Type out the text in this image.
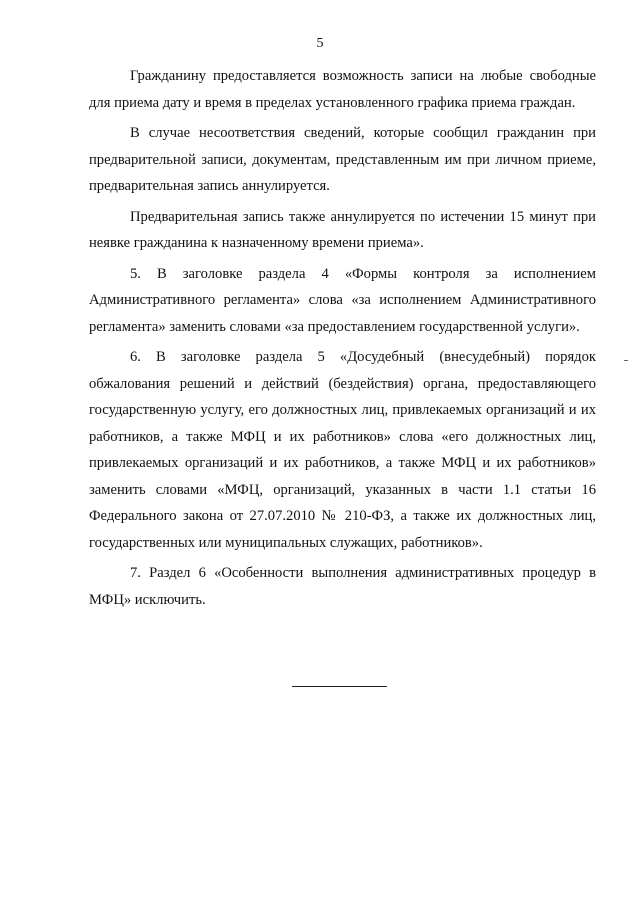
5

Гражданину предоставляется возможность записи на любые свободные для приема дату и время в пределах установленного графика приема граждан.

В случае несоответствия сведений, которые сообщил гражданин при предварительной записи, документам, представленным им при личном приеме, предварительная запись аннулируется.

Предварительная запись также аннулируется по истечении 15 минут при неявке гражданина к назначенному времени приема».

5. В заголовке раздела 4 «Формы контроля за исполнением Административного регламента» слова «за исполнением Административного регламента» заменить словами «за предоставлением государственной услуги».

6. В заголовке раздела 5 «Досудебный (внесудебный) порядок обжалования решений и действий (бездействия) органа, предоставляющего государственную услугу, его должностных лиц, привлекаемых организаций и их работников, а также МФЦ и их работников» слова «его должностных лиц, привлекаемых организаций и их работников, а также МФЦ и их работников» заменить словами «МФЦ, организаций, указанных в части 1.1 статьи 16 Федерального закона от 27.07.2010 № 210-ФЗ, а также их должностных лиц, государственных или муниципальных служащих, работников».

7. Раздел 6 «Особенности выполнения административных процедур в МФЦ» исключить.
